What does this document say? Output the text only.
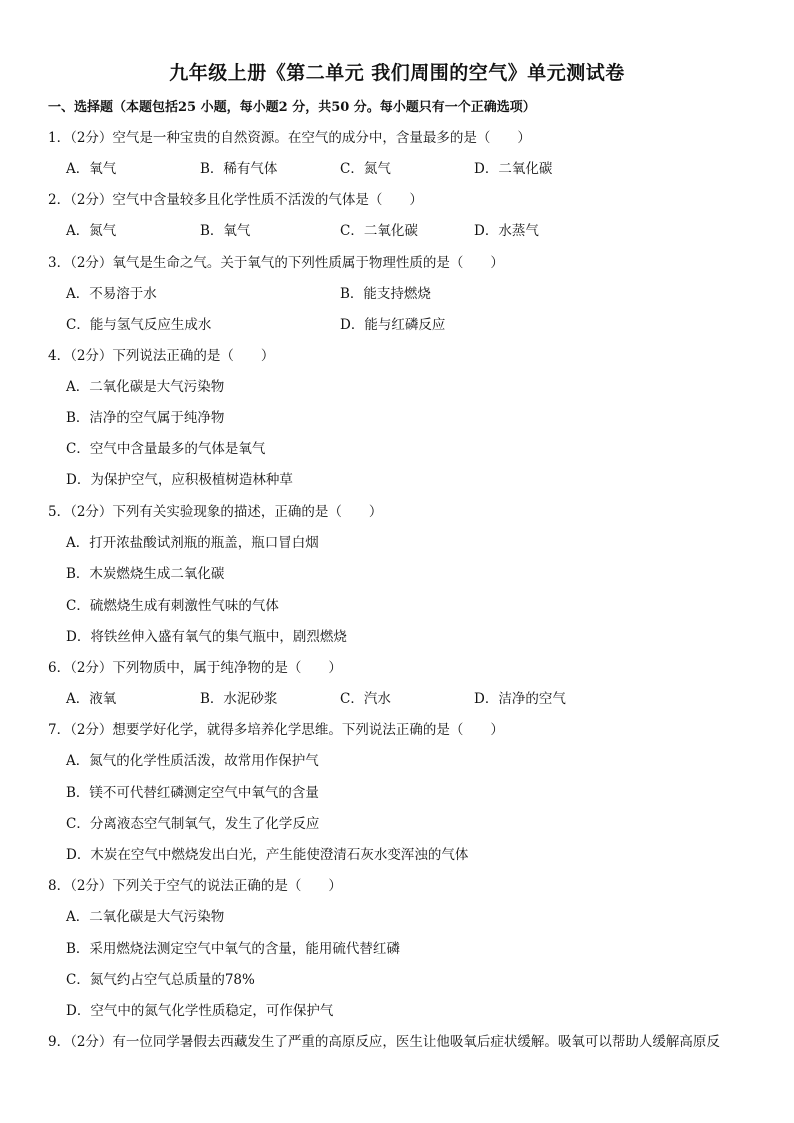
九年级上册《第二单元 我们周围的空气》单元测试卷
一、选择题（本题包括25 小题，每小题2 分，共50 分。每小题只有一个正确选项）
1．（2分）空气是一种宝贵的自然资源。在空气的成分中，含量最多的是（　　）
A．氧气	B．稀有气体	C．氮气	D．二氧化碳
2．（2分）空气中含量较多且化学性质不活泼的气体是（　　）
A．氮气	B．氧气	C．二氧化碳	D．水蒸气
3．（2分）氧气是生命之气。关于氧气的下列性质属于物理性质的是（　　）
A．不易溶于水	B．能支持燃烧
C．能与氢气反应生成水	D．能与红磷反应
4．（2分）下列说法正确的是（　　）
A．二氧化碳是大气污染物
B．洁净的空气属于纯净物
C．空气中含量最多的气体是氧气
D．为保护空气，应积极植树造林种草
5．（2分）下列有关实验现象的描述，正确的是（　　）
A．打开浓盐酸试剂瓶的瓶盖，瓶口冒白烟
B．木炭燃烧生成二氧化碳
C．硫燃烧生成有刺激性气味的气体
D．将铁丝伸入盛有氧气的集气瓶中，剧烈燃烧
6．（2分）下列物质中，属于纯净物的是（　　）
A．液氧	B．水泥砂浆	C．汽水	D．洁净的空气
7．（2分）想要学好化学，就得多培养化学思维。下列说法正确的是（　　）
A．氮气的化学性质活泼，故常用作保护气
B．镁不可代替红磷测定空气中氧气的含量
C．分离液态空气制氧气，发生了化学反应
D．木炭在空气中燃烧发出白光，产生能使澄清石灰水变浑浊的气体
8．（2分）下列关于空气的说法正确的是（　　）
A．二氧化碳是大气污染物
B．采用燃烧法测定空气中氧气的含量，能用硫代替红磷
C．氮气约占空气总质量的78%
D．空气中的氮气化学性质稳定，可作保护气
9．（2分）有一位同学暑假去西藏发生了严重的高原反应，医生让他吸氧后症状缓解。吸氧可以帮助人缓解高原反
